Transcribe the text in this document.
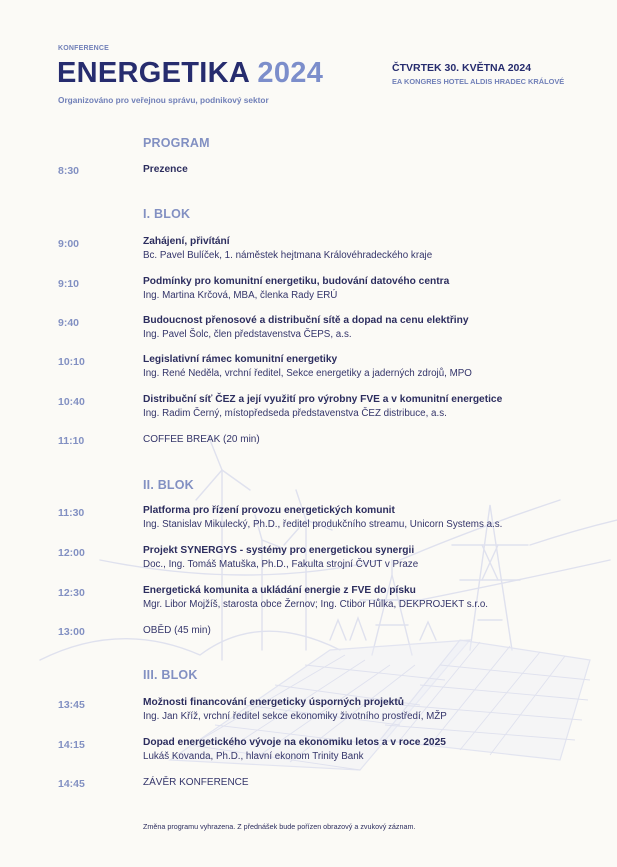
KONFERENCE
ENERGETIKA 2024
Organizováno pro veřejnou správu, podnikový sektor
ČTVRTEK 30. KVĚTNA 2024
EA KONGRES HOTEL ALDIS HRADEC KRÁLOVÉ
PROGRAM
8:30	Prezence
I. BLOK
9:00	Zahájení, přivítání
Bc. Pavel Bulíček, 1. náměstek hejtmana Královéhradeckého kraje
9:10	Podmínky pro komunitní energetiku, budování datového centra
Ing. Martina Krčová, MBA, členka Rady ERÚ
9:40	Budoucnost přenosové a distribuční sítě a dopad na cenu elektřiny
Ing. Pavel Šolc, člen představenstva ČEPS, a.s.
10:10	Legislativní rámec komunitní energetiky
Ing. René Neděla, vrchní ředitel, Sekce energetiky a jaderných zdrojů, MPO
10:40	Distribuční síť ČEZ a její využití pro výrobny FVE a v komunitní energetice
Ing. Radim Černý, místopředseda představenstva ČEZ distribuce, a.s.
11:10	COFFEE BREAK (20 min)
II. BLOK
11:30	Platforma pro řízení provozu energetických komunit
Ing. Stanislav Mikulecký, Ph.D., ředitel produkčního streamu, Unicorn Systems a.s.
12:00	Projekt SYNERGYS - systémy pro energetickou synergii
Doc., Ing. Tomáš Matuška, Ph.D., Fakulta strojní ČVUT v Praze
12:30	Energetická komunita a ukládání energie z FVE do písku
Mgr. Libor Mojžíš, starosta obce Žernov; Ing. Ctibor Hůlka, DEKPROJEKT s.r.o.
13:00	OBĚD (45 min)
III. BLOK
13:45	Možnosti financování energeticky úsporných projektů
Ing. Jan Kříž, vrchní ředitel sekce ekonomiky životního prostředí, MŽP
14:15	Dopad energetického vývoje na ekonomiku letos a v roce 2025
Lukáš Kovanda, Ph.D., hlavní ekonom Trinity Bank
14:45	ZÁVĚR KONFERENCE
Změna programu vyhrazena. Z přednášek bude pořízen obrazový a zvukový záznam.
